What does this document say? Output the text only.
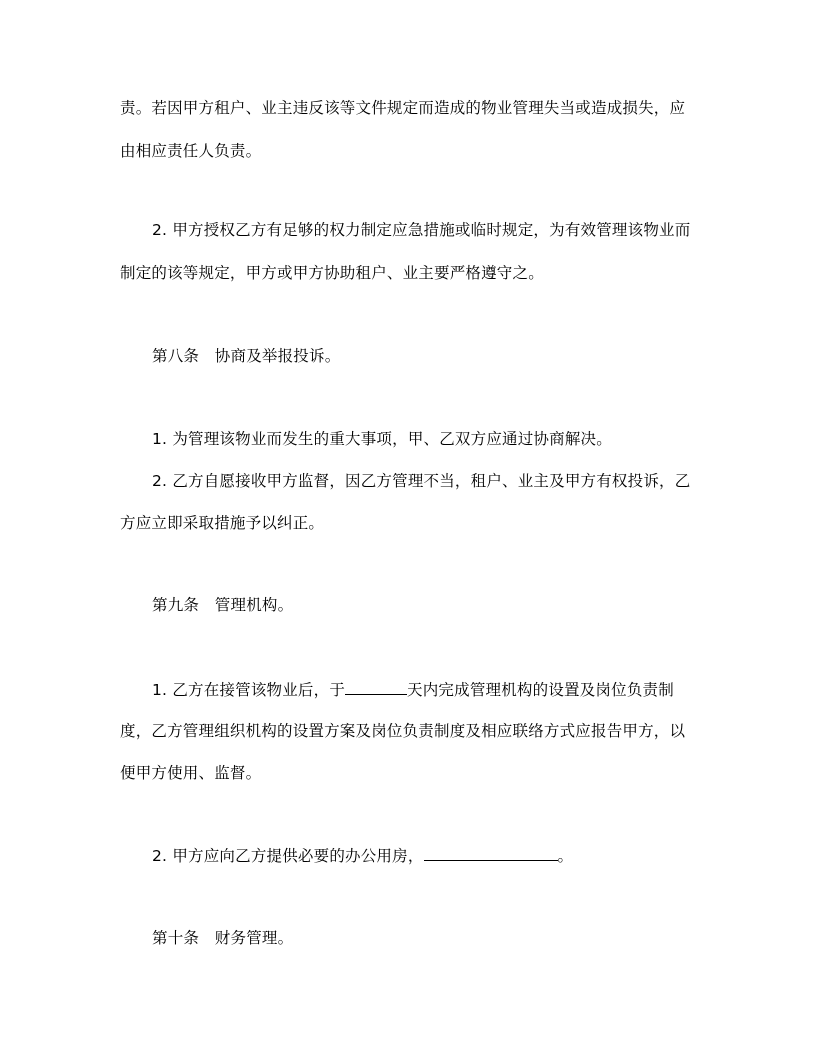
责。若因甲方租户、业主违反该等文件规定而造成的物业管理失当或造成损失，应
由相应责任人负责。
2. 甲方授权乙方有足够的权力制定应急措施或临时规定，为有效管理该物业而
制定的该等规定，甲方或甲方协助租户、业主要严格遵守之。
第八条　协商及举报投诉。
1. 为管理该物业而发生的重大事项，甲、乙双方应通过协商解决。
2. 乙方自愿接收甲方监督，因乙方管理不当，租户、业主及甲方有权投诉，乙
方应立即采取措施予以纠正。
第九条　管理机构。
1. 乙方在接管该物业后，于	天内完成管理机构的设置及岗位负责制
度，乙方管理组织机构的设置方案及岗位负责制度及相应联络方式应报告甲方，以
便甲方使用、监督。
2. 甲方应向乙方提供必要的办公用房，	。
第十条　财务管理。
